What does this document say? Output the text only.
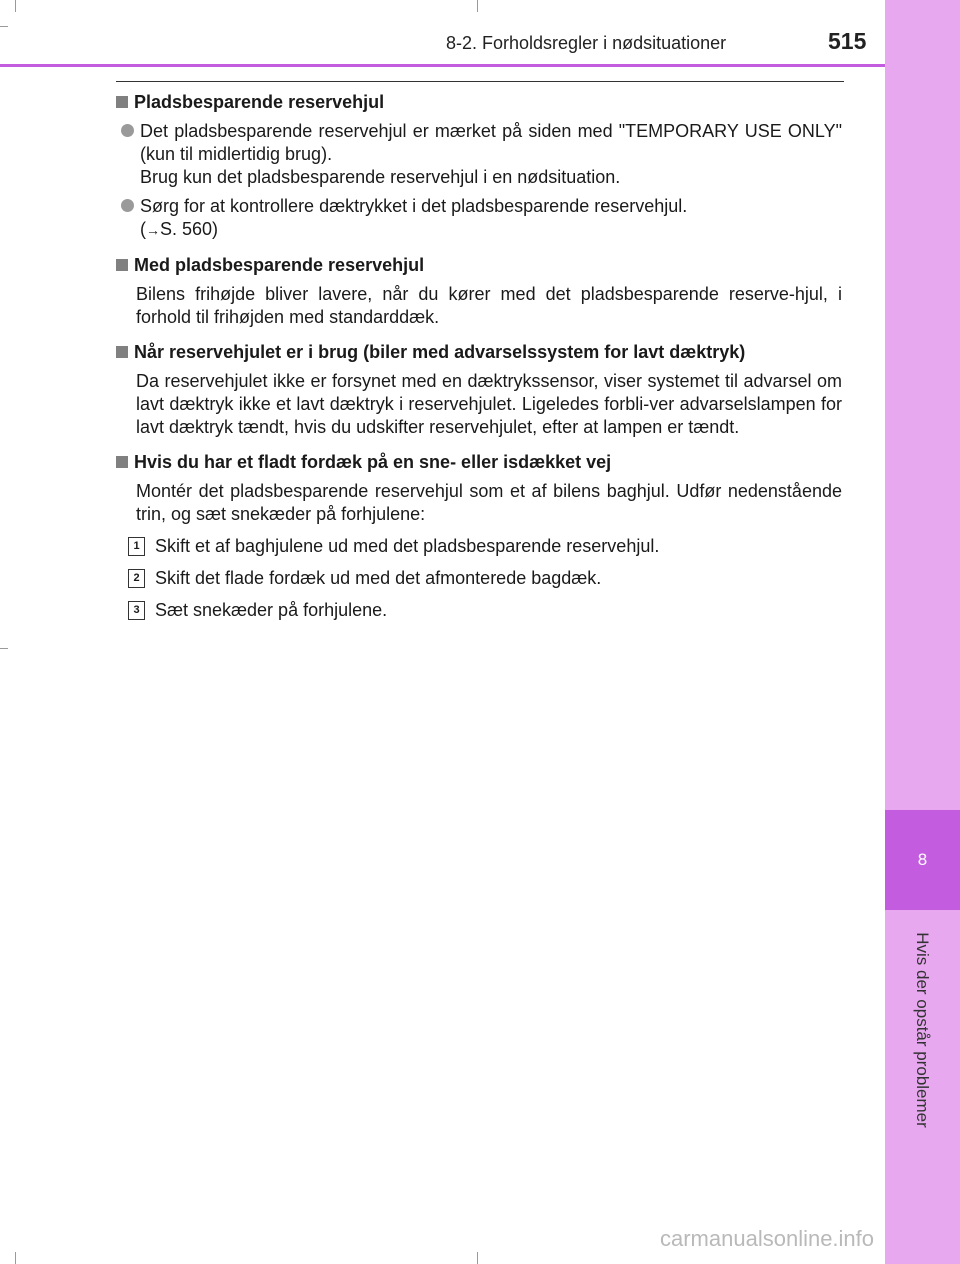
8
Hvis der opstår problemer
8-2. Forholdsregler i nødsituationer	515
Pladsbesparende reservehjul

Det pladsbesparende reservehjul er mærket på siden med "TEMPORARY USE ONLY" (kun til midlertidig brug).

Brug kun det pladsbesparende reservehjul i en nødsituation.

Sørg for at kontrollere dæktrykket i det pladsbesparende reservehjul.

(→S. 560)

Med pladsbesparende reservehjul

Bilens frihøjde bliver lavere, når du kører med det pladsbesparende reserve-hjul, i forhold til frihøjden med standarddæk.

Når reservehjulet er i brug (biler med advarselssystem for lavt dæktryk)

Da reservehjulet ikke er forsynet med en dæktrykssensor, viser systemet til advarsel om lavt dæktryk ikke et lavt dæktryk i reservehjulet. Ligeledes forbli-ver advarselslampen for lavt dæktryk tændt, hvis du udskifter reservehjulet, efter at lampen er tændt.

Hvis du har et fladt fordæk på en sne- eller isdækket vej

Montér det pladsbesparende reservehjul som et af bilens baghjul. Udfør nedenstående trin, og sæt snekæder på forhjulene:

1 Skift et af baghjulene ud med det pladsbesparende reservehjul.
2 Skift det flade fordæk ud med det afmonterede bagdæk.
3 Sæt snekæder på forhjulene.
carmanualsonline.info
